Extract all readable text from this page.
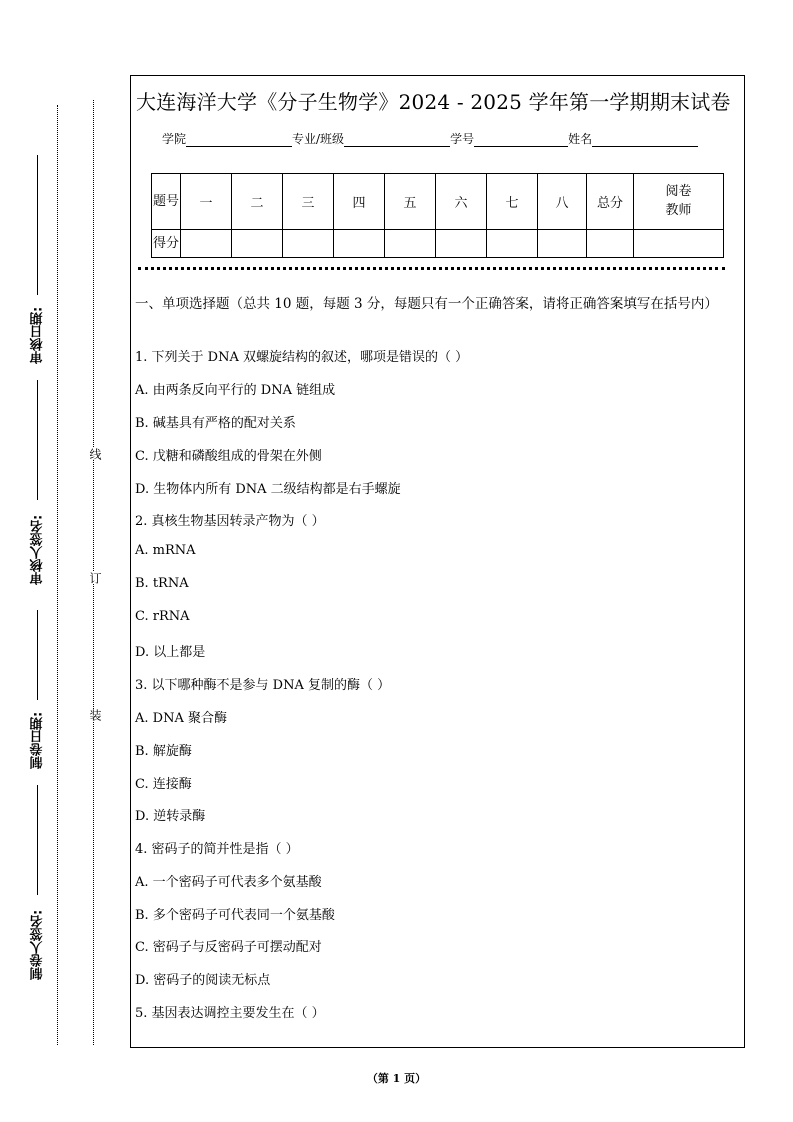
审核日期:
审核人签名:
制卷日期:
制卷人签名:
线
订
装
大连海洋大学《分子生物学》2024 - 2025 学年第一学期期末试卷
学院	专业/班级	学号	姓名
题号	一	二	三	四	五	六	七	八	总分	阅卷教师
得分										
一、单项选择题（总共 10 题，每题 3 分，每题只有一个正确答案，请将正确答案填写在括号内）
1. 下列关于 DNA 双螺旋结构的叙述，哪项是错误的（ ）
A. 由两条反向平行的 DNA 链组成
B. 碱基具有严格的配对关系
C. 戊糖和磷酸组成的骨架在外侧
D. 生物体内所有 DNA 二级结构都是右手螺旋
2. 真核生物基因转录产物为（ ）
A. mRNA
B. tRNA
C. rRNA
D. 以上都是
3. 以下哪种酶不是参与 DNA 复制的酶（ ）
A. DNA 聚合酶
B. 解旋酶
C. 连接酶
D. 逆转录酶
4. 密码子的简并性是指（ ）
A. 一个密码子可代表多个氨基酸
B. 多个密码子可代表同一个氨基酸
C. 密码子与反密码子可摆动配对
D. 密码子的阅读无标点
5. 基因表达调控主要发生在（ ）
（第 1 页）
